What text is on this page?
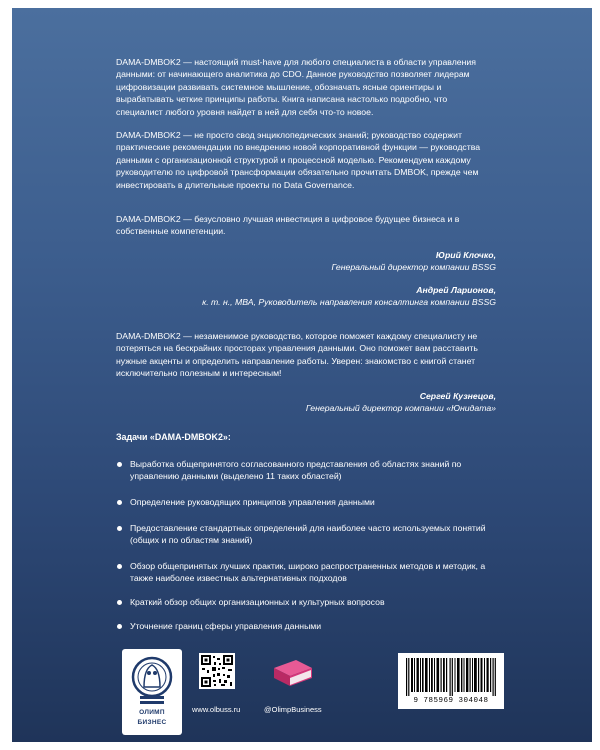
DAMA-DMBOK2 — настоящий must-have для любого специалиста в области управления данными: от начинающего аналитика до CDO. Данное руководство позволяет лидерам цифровизации развивать системное мышление, обозначать ясные ориентиры и вырабатывать четкие принципы работы. Книга написана настолько подробно, что специалист любого уровня найдет в ней для себя что-то новое.

DAMA-DMBOK2 — не просто свод энциклопедических знаний; руководство содержит практические рекомендации по внедрению новой корпоративной функции — руководства данными с организационной структурой и процессной моделью. Рекомендуем каждому руководителю по цифровой трансформации обязательно прочитать DMBOK, прежде чем инвестировать в длительные проекты по Data Governance.

DAMA-DMBOK2 — безусловно лучшая инвестиция в цифровое будущее бизнеса и в собственные компетенции.

Юрий Клочко,
Генеральный директор компании BSSG
Андрей Ларионов,
к. т. н., МВА, Руководитель направления консалтинга компании BSSG

DAMA-DMBOK2 — незаменимое руководство, которое поможет каждому специалисту не потеряться на бескрайних просторах управления данными. Оно поможет вам расставить нужные акценты и определить направление работы. Уверен: знакомство с книгой станет исключительно полезным и интересным!

Сергей Кузнецов,
Генеральный директор компании «Юнидата»
Задачи «DAMA-DMBOK2»:
Выработка общепринятого согласованного представления об областях знаний по управлению данными (выделено 11 таких областей)
Определение руководящих принципов управления данными
Предоставление стандартных определений для наиболее часто используемых понятий (общих и по областям знаний)
Обзор общепринятых лучших практик, широко распространенных методов и методик, а также наиболее известных альтернативных подходов
Краткий обзор общих организационных и культурных вопросов
Уточнение границ сферы управления данными
ОЛИМП
БИЗНЕС
www.olbuss.ru	@OlimpBusiness
9 785969 304048
